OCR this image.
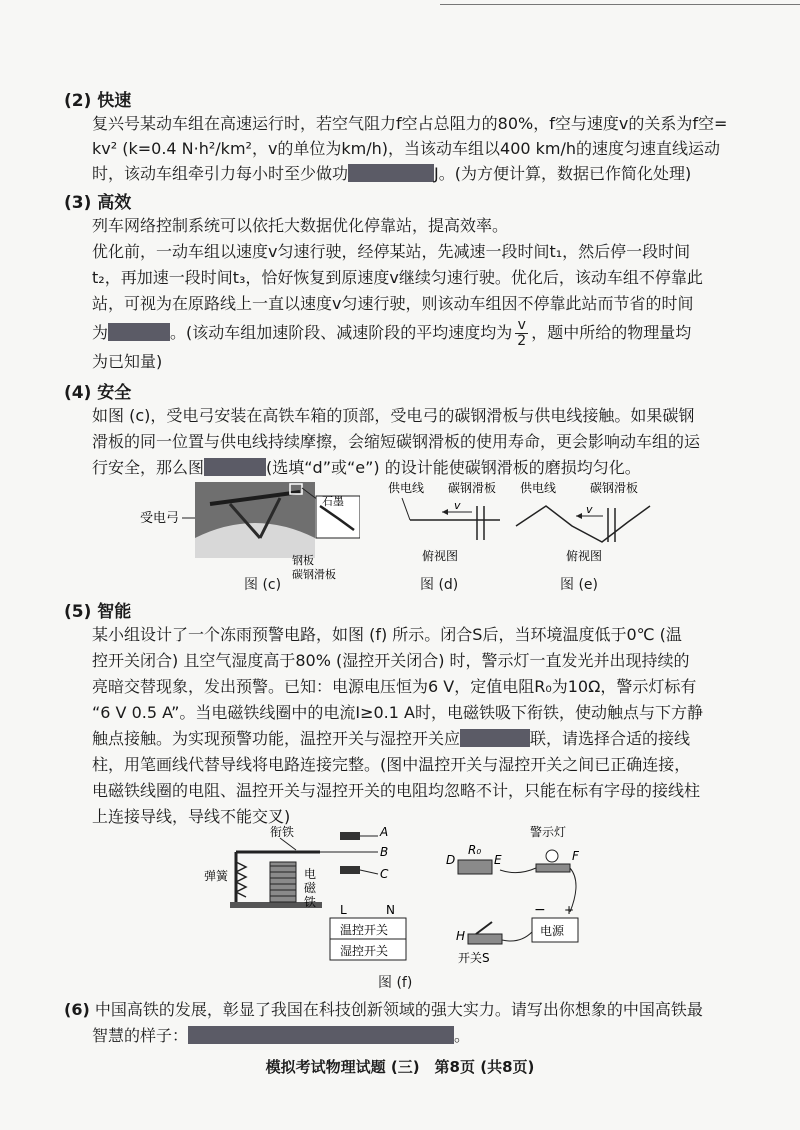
(2) 快速
复兴号某动车组在高速运行时，若空气阻力f空占总阻力的80%，f空与速度v的关系为f空=
kv² (k=0.4 N·h²/km²，v的单位为km/h)，当该动车组以400 km/h的速度匀速直线运动
时，该动车组牵引力每小时至少做功	J。(为方便计算，数据已作简化处理)
(3) 高效
列车网络控制系统可以依托大数据优化停靠站，提高效率。
优化前，一动车组以速度v匀速行驶，经停某站，先减速一段时间t₁，然后停一段时间
t₂，再加速一段时间t₃，恰好恢复到原速度v继续匀速行驶。优化后，该动车组不停靠此
站，可视为在原路线上一直以速度v匀速行驶，则该动车组因不停靠此站而节省的时间
为	。(该动车组加速阶段、减速阶段的平均速度均为 $\frac{v}{2}$ ，题中所给的物理量均
为已知量)
(4) 安全
如图 (c)，受电弓安装在高铁车箱的顶部，受电弓的碳钢滑板与供电线接触。如果碳钢
滑板的同一位置与供电线持续摩擦，会缩短碳钢滑板的使用寿命，更会影响动车组的运
行安全，那么图	(选填“d”或“e”) 的设计能使碳钢滑板的磨损均匀化。
受电弓
石墨
钢板
碳钢滑板
供电线 碳钢滑板
v
俯视图
供电线	碳钢滑板
v
俯视图
图 (c)	图 (d)	图 (e)
(5) 智能
某小组设计了一个冻雨预警电路，如图 (f) 所示。闭合S后，当环境温度低于0℃ (温
控开关闭合) 且空气湿度高于80% (湿控开关闭合) 时，警示灯一直发光并出现持续的
亮暗交替现象，发出预警。已知：电源电压恒为6 V，定值电阻R₀为10Ω，警示灯标有
“6 V 0.5 A”。当电磁铁线圈中的电流I≥0.1 A时，电磁铁吸下衔铁，使动触点与下方静
触点接触。为实现预警功能，温控开关与湿控开关应	联，请选择合适的接线
柱，用笔画线代替导线将电路连接完整。(图中温控开关与湿控开关之间已正确连接，
电磁铁线圈的电阻、温控开关与湿控开关的电阻均忽略不计，只能在标有字母的接线柱
上连接导线，导线不能交叉)
弹簧	电
磁
铁
衔铁	A
B
C
D
R₀
E
警示灯
F
L	N
温控开关
湿控开关
电源
− +
H
开关S
图 (f)
(6) 中国高铁的发展，彰显了我国在科技创新领域的强大实力。请写出你想象的中国高铁最
智慧的样子：	。
模拟考试物理试题 (三)　第8页 (共8页)
